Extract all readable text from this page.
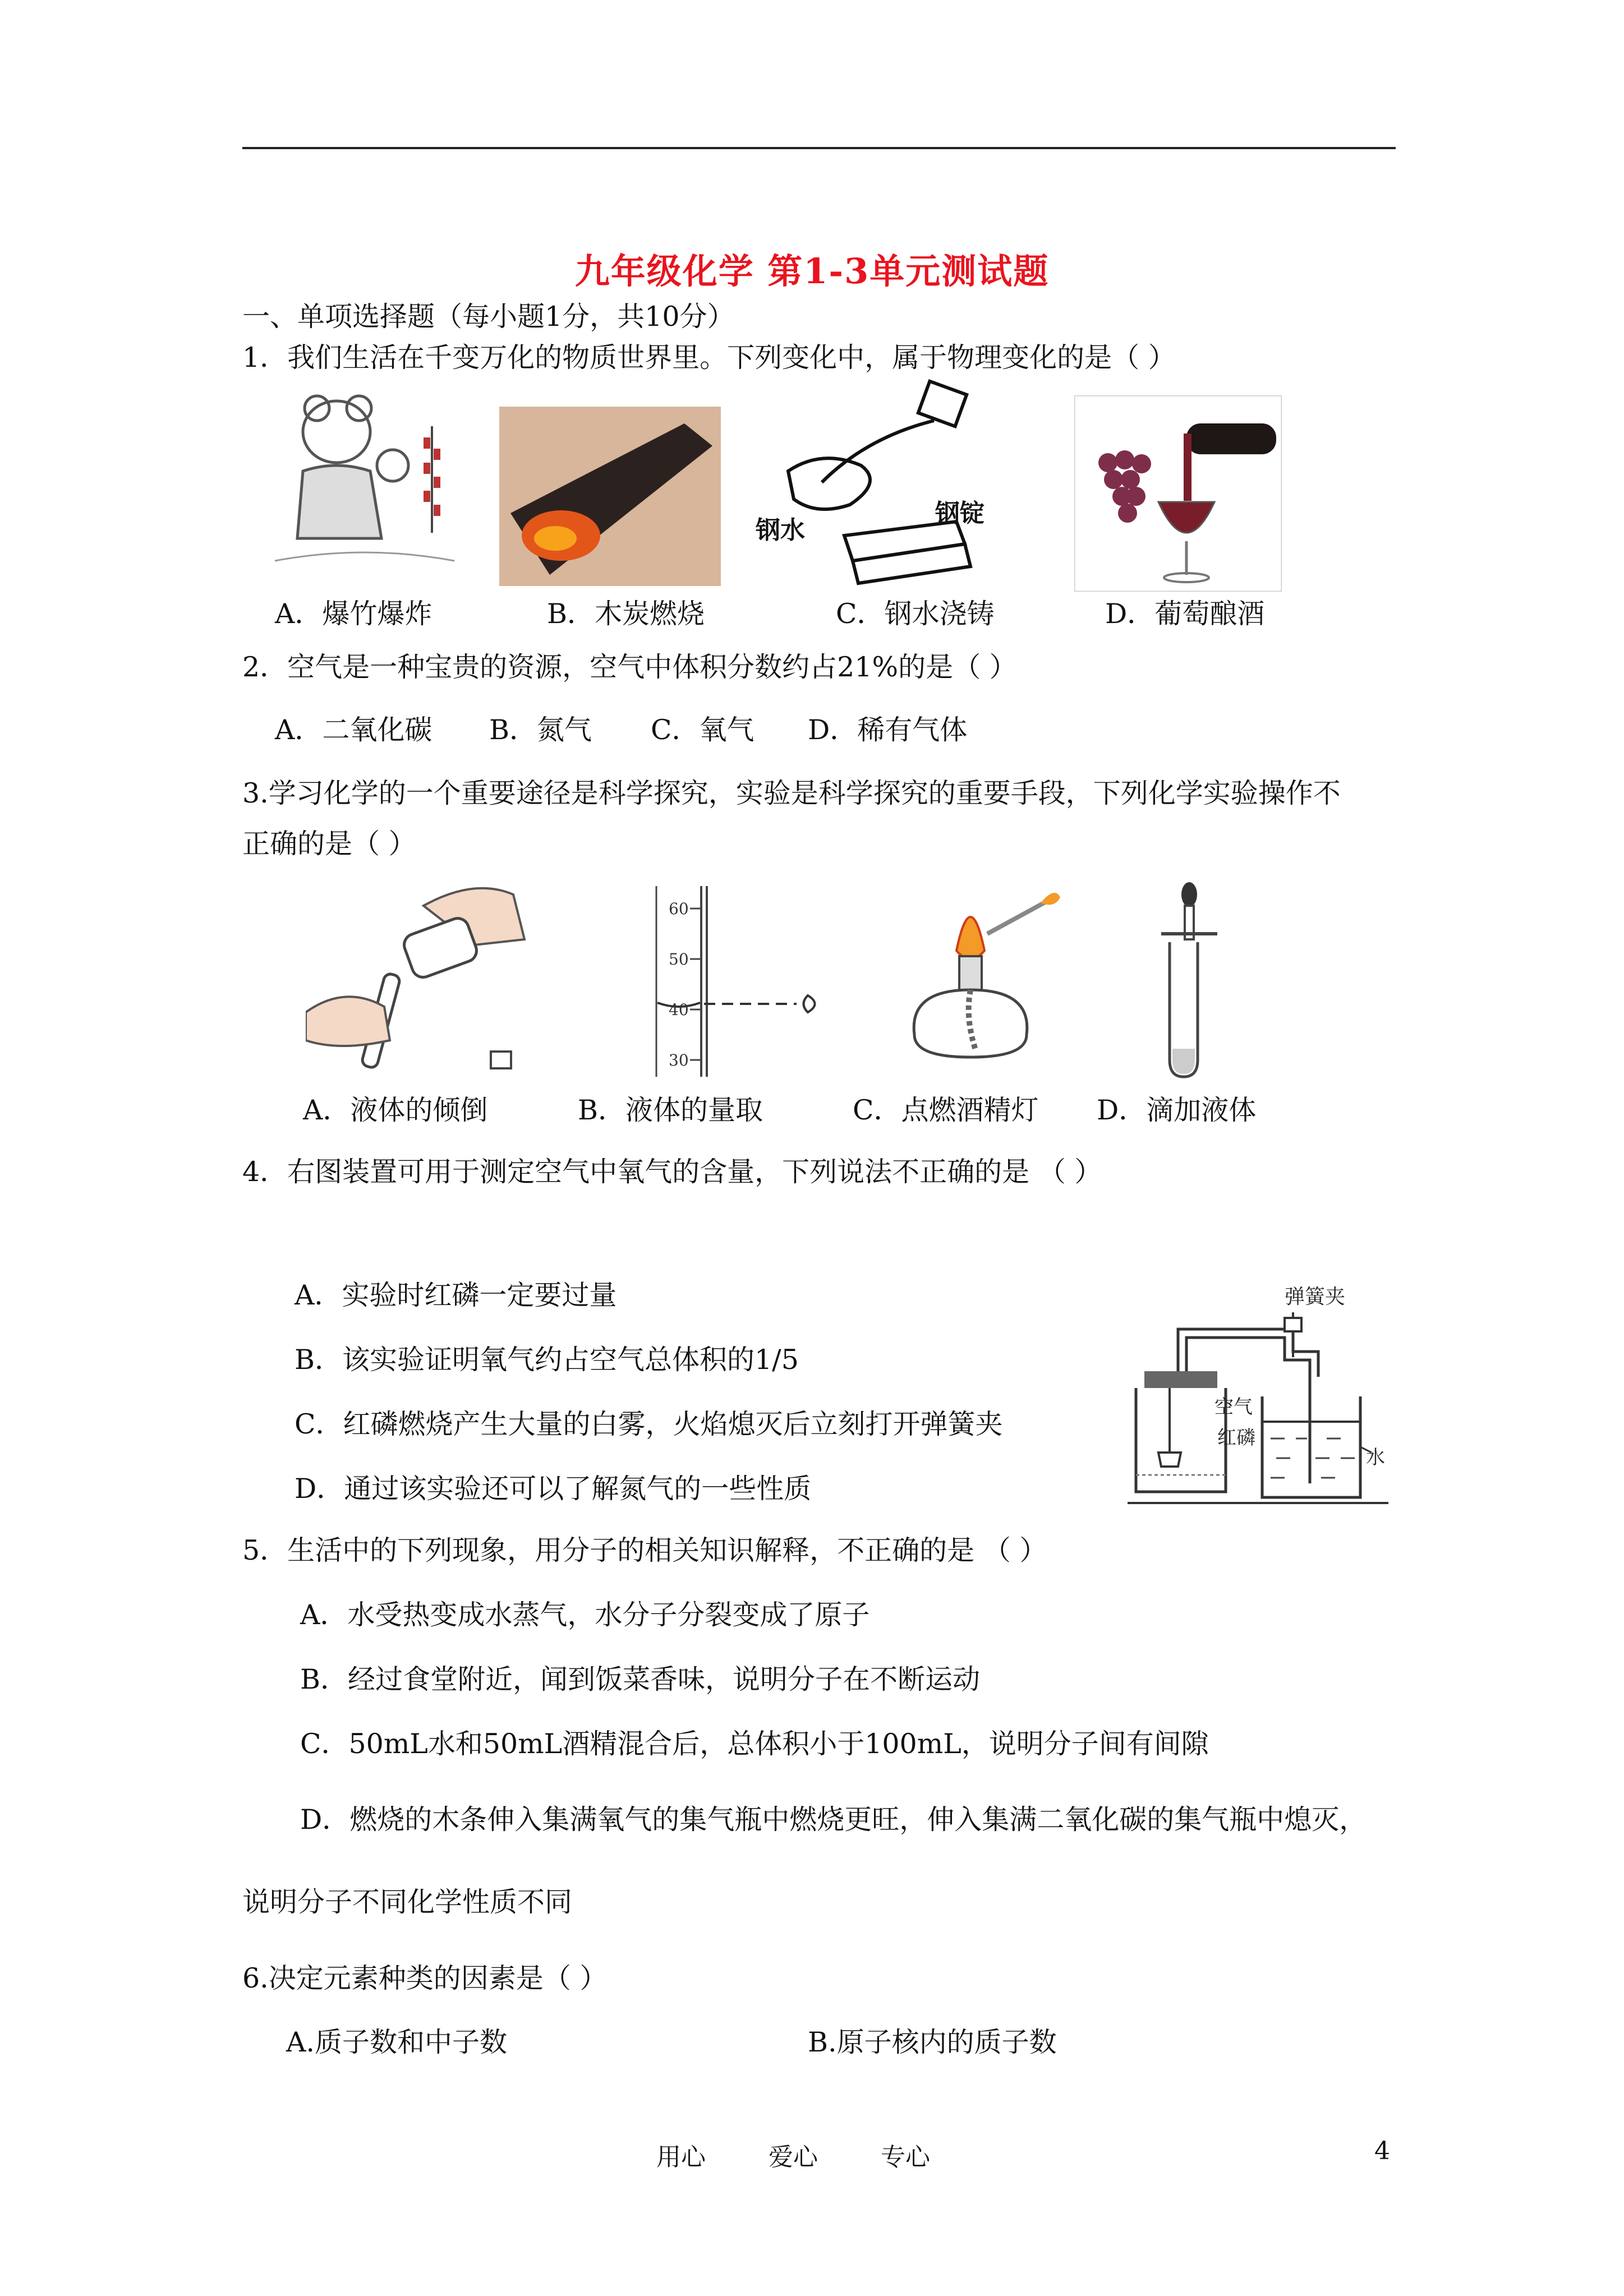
九年级化学 第1-3单元测试题
一、单项选择题（每小题1分，共10分）
1．我们生活在千变万化的物质世界里。下列变化中，属于物理变化的是（ ）
钢水
钢锭
A．爆竹爆炸	B．木炭燃烧	C．钢水浇铸	D．葡萄酿酒
2．空气是一种宝贵的资源，空气中体积分数约占21%的是（ ）
A．二氧化碳 B．氮气 C．氧气 D．稀有气体
3.学习化学的一个重要途径是科学探究，实验是科学探究的重要手段，下列化学实验操作不
正确的是（ ）
60
50
40
30
A．液体的倾倒	B．液体的量取	C．点燃酒精灯 D．滴加液体
4．右图装置可用于测定空气中氧气的含量，下列说法不正确的是 （ ）
A．实验时红磷一定要过量
B．该实验证明氧气约占空气总体积的1/5
C．红磷燃烧产生大量的白雾，火焰熄灭后立刻打开弹簧夹
D．通过该实验还可以了解氮气的一些性质
弹簧夹
空气
红磷
水
5．生活中的下列现象，用分子的相关知识解释，不正确的是 （ ）
A．水受热变成水蒸气，水分子分裂变成了原子
B．经过食堂附近，闻到饭菜香味，说明分子在不断运动
C．50mL水和50mL酒精混合后，总体积小于100mL，说明分子间有间隙
D．燃烧的木条伸入集满氧气的集气瓶中燃烧更旺，伸入集满二氧化碳的集气瓶中熄灭，
说明分子不同化学性质不同
6.决定元素种类的因素是（ ）
A.质子数和中子数	B.原子核内的质子数
用心	爱心	专心	4
